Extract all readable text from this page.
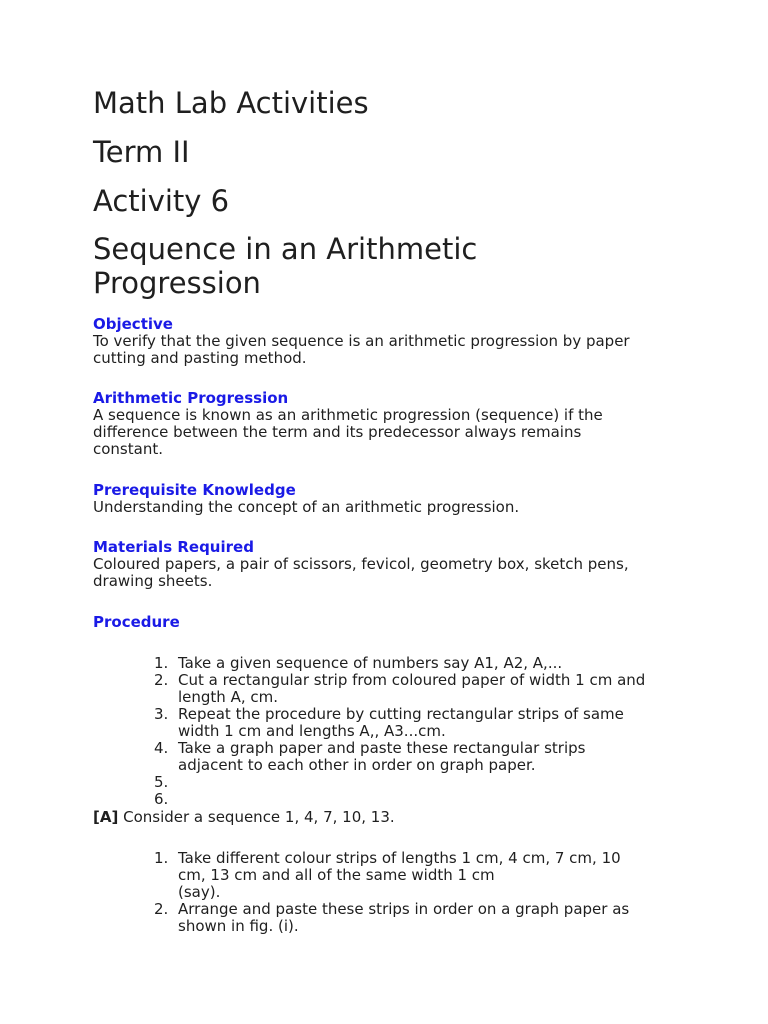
Math Lab Activities
Term II
Activity 6
Sequence in an Arithmetic
Progression
Objective
To verify that the given sequence is an arithmetic progression by paper
cutting and pasting method.
Arithmetic Progression
A sequence is known as an arithmetic progression (sequence) if the
difference between the term and its predecessor always remains
constant.
Prerequisite Knowledge
Understanding the concept of an arithmetic progression.
Materials Required
Coloured papers, a pair of scissors, fevicol, geometry box, sketch pens,
drawing sheets.
Procedure
1. Take a given sequence of numbers say A1, A2, A,...
2. Cut a rectangular strip from coloured paper of width 1 cm and
length A, cm.
3. Repeat the procedure by cutting rectangular strips of same
width 1 cm and lengths A,, A3...cm.
4. Take a graph paper and paste these rectangular strips
adjacent to each other in order on graph paper.
5.
6.
[A] Consider a sequence 1, 4, 7, 10, 13.
1. Take different colour strips of lengths 1 cm, 4 cm, 7 cm, 10
cm, 13 cm and all of the same width 1 cm
(say).
2. Arrange and paste these strips in order on a graph paper as
shown in fig. (i).
